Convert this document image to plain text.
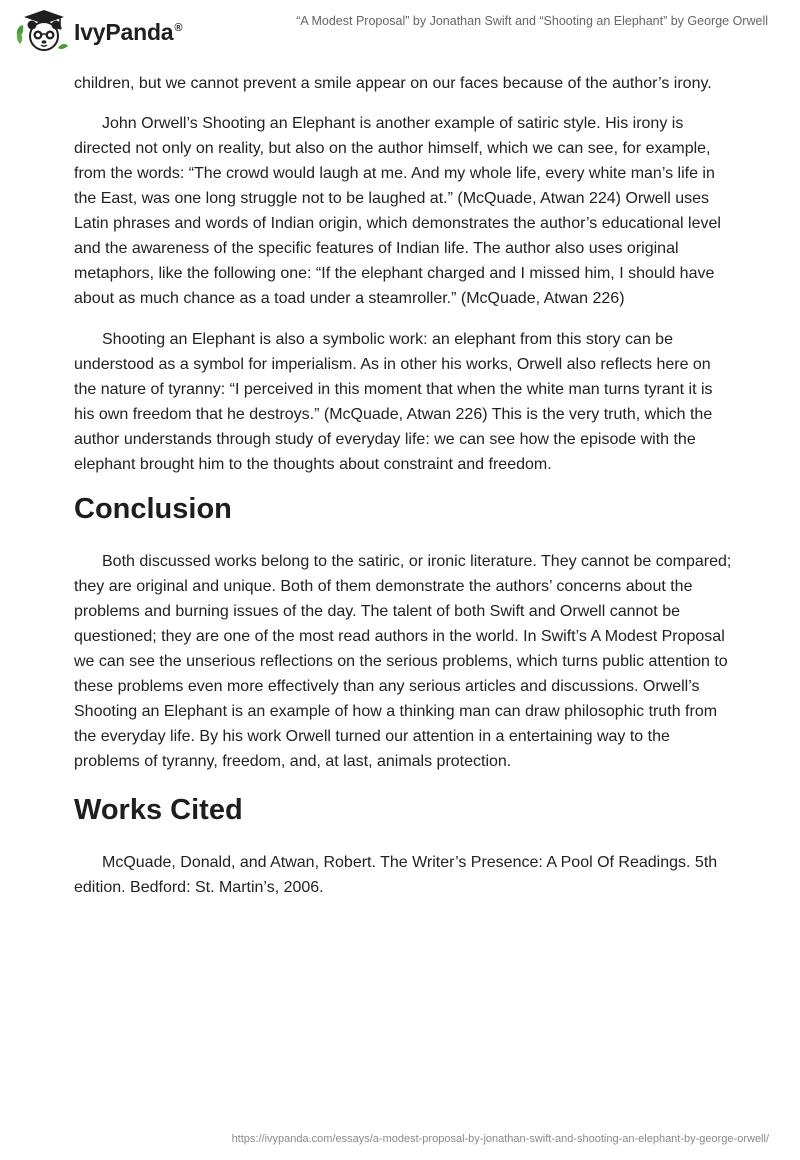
IvyPanda®	“A Modest Proposal” by Jonathan Swift and “Shooting an Elephant” by George Orwell

children, but we cannot prevent a smile appear on our faces because of the author’s irony.

John Orwell’s Shooting an Elephant is another example of satiric style. His irony is directed not only on reality, but also on the author himself, which we can see, for example, from the words: “The crowd would laugh at me. And my whole life, every white man’s life in the East, was one long struggle not to be laughed at.” (McQuade, Atwan 224) Orwell uses Latin phrases and words of Indian origin, which demonstrates the author’s educational level and the awareness of the specific features of Indian life. The author also uses original metaphors, like the following one: “If the elephant charged and I missed him, I should have about as much chance as a toad under a steamroller.” (McQuade, Atwan 226)

Shooting an Elephant is also a symbolic work: an elephant from this story can be understood as a symbol for imperialism. As in other his works, Orwell also reflects here on the nature of tyranny: “I perceived in this moment that when the white man turns tyrant it is his own freedom that he destroys.” (McQuade, Atwan 226) This is the very truth, which the author understands through study of everyday life: we can see how the episode with the elephant brought him to the thoughts about constraint and freedom.

Conclusion

Both discussed works belong to the satiric, or ironic literature. They cannot be compared; they are original and unique. Both of them demonstrate the authors’ concerns about the problems and burning issues of the day. The talent of both Swift and Orwell cannot be questioned; they are one of the most read authors in the world. In Swift’s A Modest Proposal we can see the unserious reflections on the serious problems, which turns public attention to these problems even more effectively than any serious articles and discussions. Orwell’s Shooting an Elephant is an example of how a thinking man can draw philosophic truth from the everyday life. By his work Orwell turned our attention in a entertaining way to the problems of tyranny, freedom, and, at last, animals protection.

Works Cited

McQuade, Donald, and Atwan, Robert. The Writer’s Presence: A Pool Of Readings. 5th edition. Bedford: St. Martin’s, 2006.

https://ivypanda.com/essays/a-modest-proposal-by-jonathan-swift-and-shooting-an-elephant-by-george-orwell/
